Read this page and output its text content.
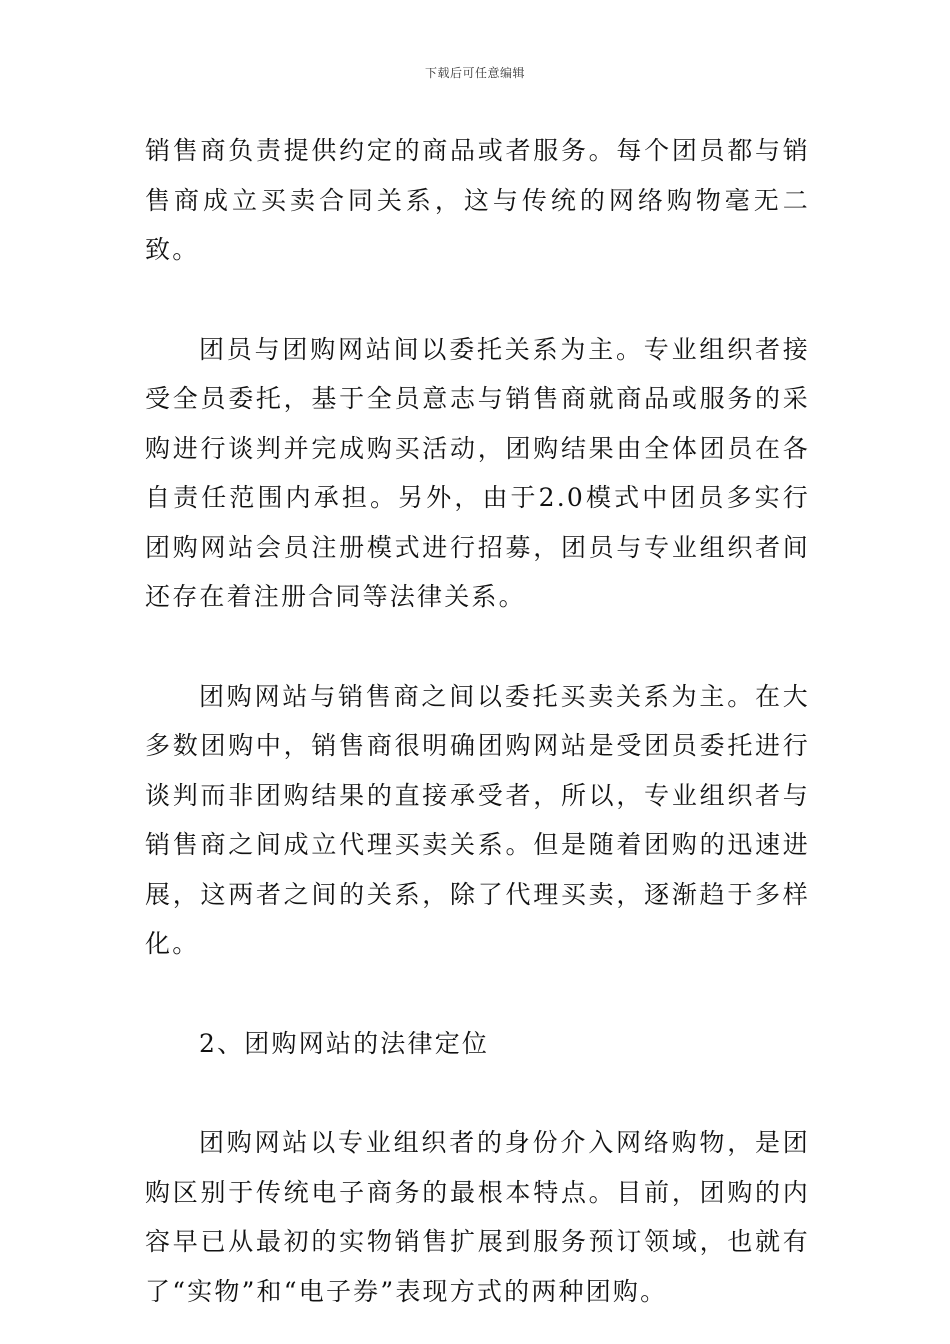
下载后可任意编辑

销售商负责提供约定的商品或者服务。每个团员都与销售商成立买卖合同关系，这与传统的网络购物毫无二致。

团员与团购网站间以委托关系为主。专业组织者接受全员委托，基于全员意志与销售商就商品或服务的采购进行谈判并完成购买活动，团购结果由全体团员在各自责任范围内承担。另外，由于2.0模式中团员多实行团购网站会员注册模式进行招募，团员与专业组织者间还存在着注册合同等法律关系。

团购网站与销售商之间以委托买卖关系为主。在大多数团购中，销售商很明确团购网站是受团员委托进行谈判而非团购结果的直接承受者，所以，专业组织者与销售商之间成立代理买卖关系。但是随着团购的迅速进展，这两者之间的关系，除了代理买卖，逐渐趋于多样化。

2、团购网站的法律定位

团购网站以专业组织者的身份介入网络购物，是团购区别于传统电子商务的最根本特点。目前，团购的内容早已从最初的实物销售扩展到服务预订领域，也就有了“实物”和“电子券”表现方式的两种团购。
